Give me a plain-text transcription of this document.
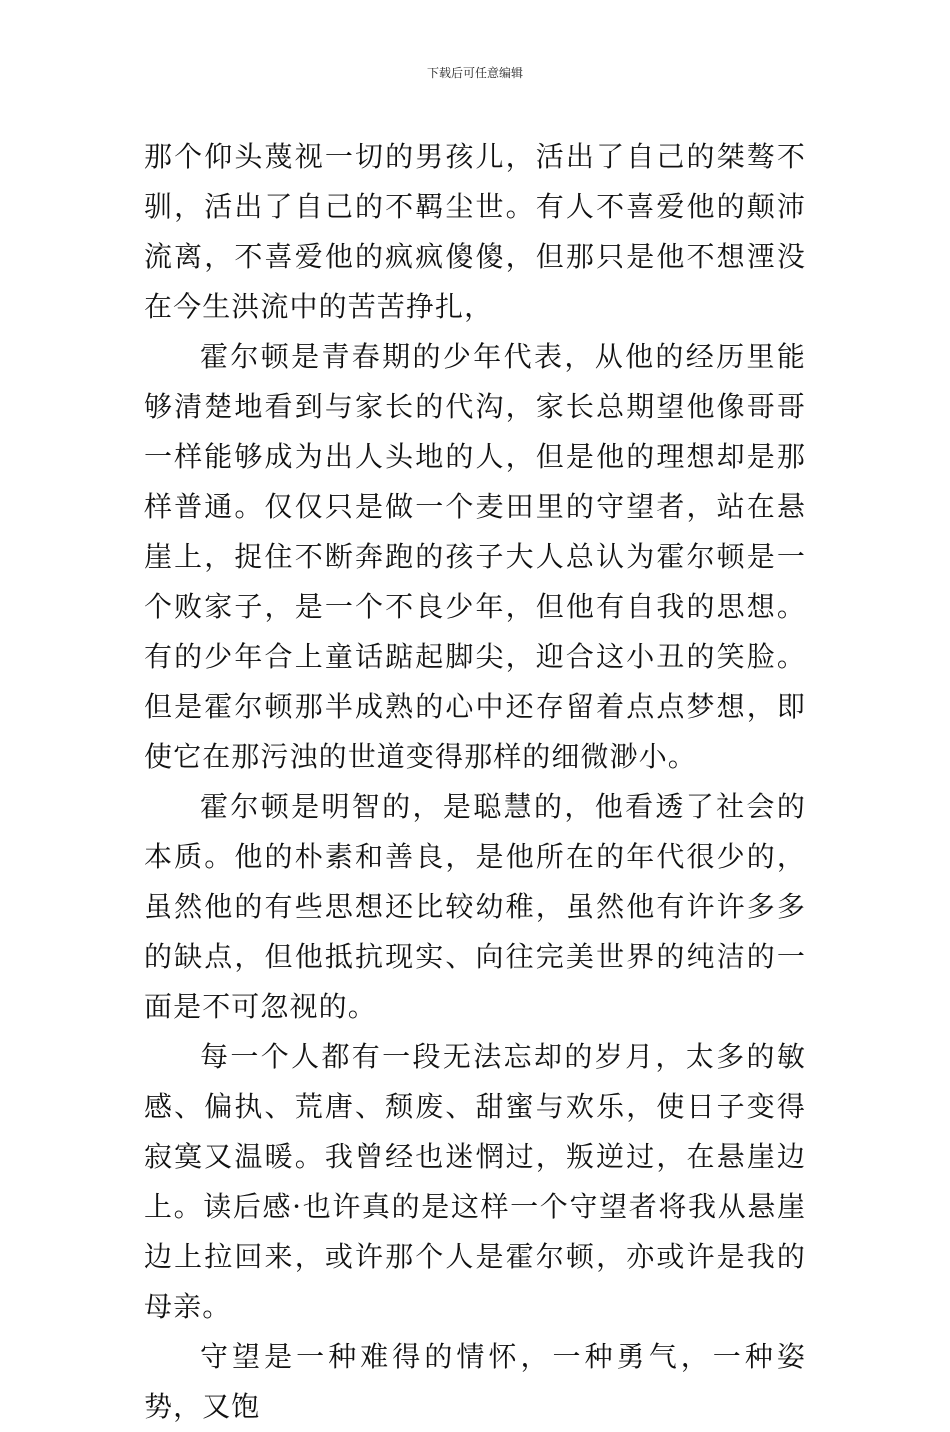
下载后可任意编辑

那个仰头蔑视一切的男孩儿，活出了自己的桀骜不驯，活出了自己的不羁尘世。有人不喜爱他的颠沛流离，不喜爱他的疯疯傻傻，但那只是他不想湮没在今生洪流中的苦苦挣扎，

霍尔顿是青春期的少年代表，从他的经历里能够清楚地看到与家长的代沟，家长总期望他像哥哥一样能够成为出人头地的人，但是他的理想却是那样普通。仅仅只是做一个麦田里的守望者，站在悬崖上，捉住不断奔跑的孩子大人总认为霍尔顿是一个败家子，是一个不良少年，但他有自我的思想。有的少年合上童话踮起脚尖，迎合这小丑的笑脸。但是霍尔顿那半成熟的心中还存留着点点梦想，即使它在那污浊的世道变得那样的细微渺小。

霍尔顿是明智的，是聪慧的，他看透了社会的本质。他的朴素和善良，是他所在的年代很少的，虽然他的有些思想还比较幼稚，虽然他有许许多多的缺点，但他抵抗现实、向往完美世界的纯洁的一面是不可忽视的。

每一个人都有一段无法忘却的岁月，太多的敏感、偏执、荒唐、颓废、甜蜜与欢乐，使日子变得寂寞又温暖。我曾经也迷惘过，叛逆过，在悬崖边上。读后感·也许真的是这样一个守望者将我从悬崖边上拉回来，或许那个人是霍尔顿，亦或许是我的母亲。

守望是一种难得的情怀，一种勇气，一种姿势，又饱
